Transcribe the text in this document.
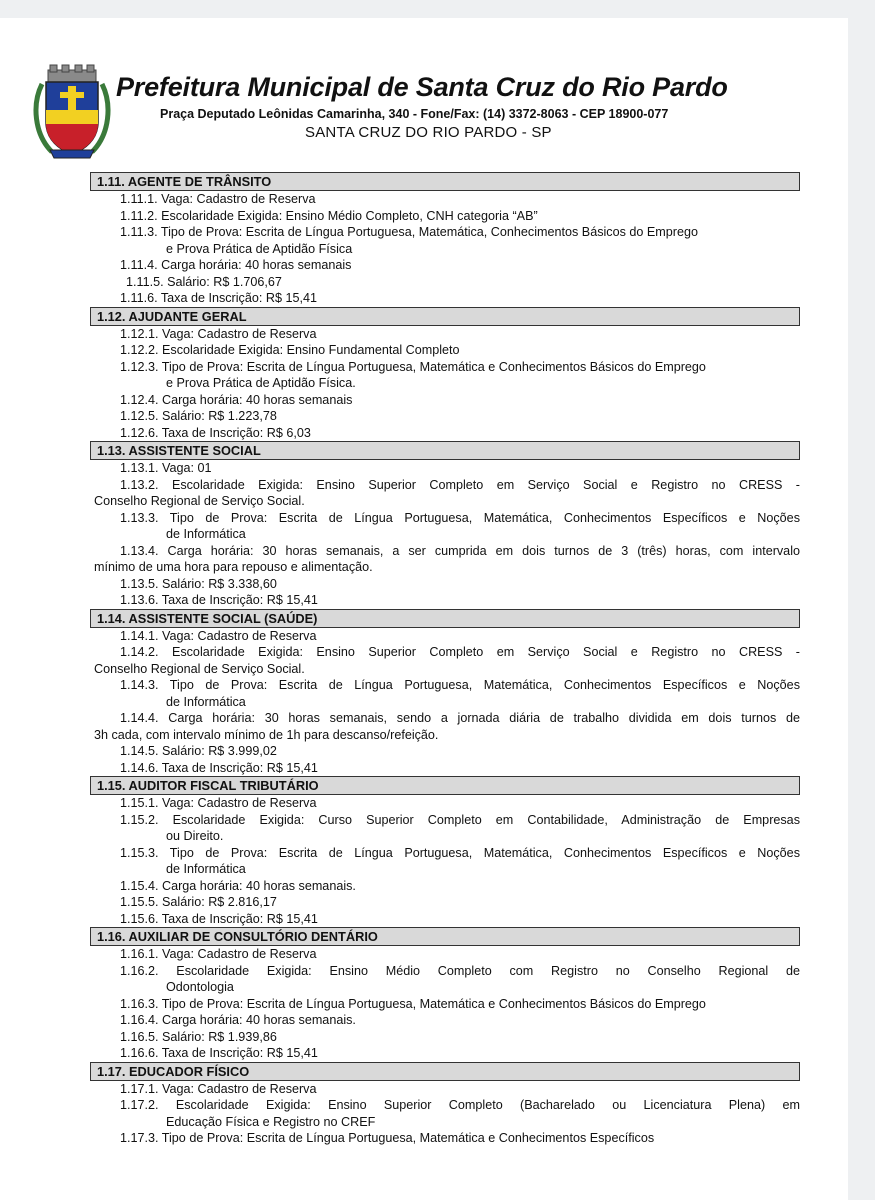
Prefeitura Municipal de Santa Cruz do Rio Pardo
Praça Deputado Leônidas Camarinha, 340 - Fone/Fax: (14) 3372-8063 - CEP 18900-077
SANTA CRUZ DO RIO PARDO - SP
1.11. AGENTE DE TRÂNSITO
1.11.1. Vaga: Cadastro de Reserva
1.11.2. Escolaridade Exigida: Ensino Médio Completo, CNH categoria “AB”
1.11.3. Tipo de Prova: Escrita de Língua Portuguesa, Matemática, Conhecimentos Básicos do Emprego
e Prova Prática de Aptidão Física
1.11.4. Carga horária: 40 horas semanais
1.11.5. Salário: R$ 1.706,67
1.11.6. Taxa de Inscrição: R$ 15,41
1.12. AJUDANTE GERAL
1.12.1. Vaga: Cadastro de Reserva
1.12.2. Escolaridade Exigida: Ensino Fundamental Completo
1.12.3. Tipo de Prova: Escrita de Língua Portuguesa, Matemática e Conhecimentos Básicos do Emprego
e Prova Prática de Aptidão Física.
1.12.4. Carga horária: 40 horas semanais
1.12.5. Salário: R$ 1.223,78
1.12.6. Taxa de Inscrição: R$ 6,03
1.13. ASSISTENTE SOCIAL
1.13.1. Vaga: 01
1.13.2. Escolaridade Exigida: Ensino Superior Completo em Serviço Social e Registro no CRESS -
Conselho Regional de Serviço Social.
1.13.3. Tipo de Prova: Escrita de Língua Portuguesa, Matemática, Conhecimentos Específicos e Noções
de Informática
1.13.4. Carga horária: 30 horas semanais, a ser cumprida em dois turnos de 3 (três) horas, com intervalo
mínimo de uma hora para repouso e alimentação.
1.13.5. Salário: R$ 3.338,60
1.13.6. Taxa de Inscrição: R$ 15,41
1.14. ASSISTENTE SOCIAL (SAÚDE)
1.14.1. Vaga: Cadastro de Reserva
1.14.2. Escolaridade Exigida: Ensino Superior Completo em Serviço Social e Registro no CRESS -
Conselho Regional de Serviço Social.
1.14.3. Tipo de Prova: Escrita de Língua Portuguesa, Matemática, Conhecimentos Específicos e Noções
de Informática
1.14.4. Carga horária: 30 horas semanais, sendo a jornada diária de trabalho dividida em dois turnos de
3h cada, com intervalo mínimo de 1h para descanso/refeição.
1.14.5. Salário: R$ 3.999,02
1.14.6. Taxa de Inscrição: R$ 15,41
1.15. AUDITOR FISCAL TRIBUTÁRIO
1.15.1. Vaga: Cadastro de Reserva
1.15.2. Escolaridade Exigida: Curso Superior Completo em Contabilidade, Administração de Empresas
ou Direito.
1.15.3. Tipo de Prova: Escrita de Língua Portuguesa, Matemática, Conhecimentos Específicos e Noções
de Informática
1.15.4. Carga horária: 40 horas semanais.
1.15.5. Salário: R$ 2.816,17
1.15.6. Taxa de Inscrição: R$ 15,41
1.16. AUXILIAR DE CONSULTÓRIO DENTÁRIO
1.16.1. Vaga: Cadastro de Reserva
1.16.2. Escolaridade Exigida: Ensino Médio Completo com Registro no Conselho Regional de
Odontologia
1.16.3. Tipo de Prova: Escrita de Língua Portuguesa, Matemática e Conhecimentos Básicos do Emprego
1.16.4. Carga horária: 40 horas semanais.
1.16.5. Salário: R$ 1.939,86
1.16.6. Taxa de Inscrição: R$ 15,41
1.17. EDUCADOR FÍSICO
1.17.1. Vaga: Cadastro de Reserva
1.17.2. Escolaridade Exigida: Ensino Superior Completo (Bacharelado ou Licenciatura Plena) em
Educação Física e Registro no CREF
1.17.3. Tipo de Prova: Escrita de Língua Portuguesa, Matemática e Conhecimentos Específicos
